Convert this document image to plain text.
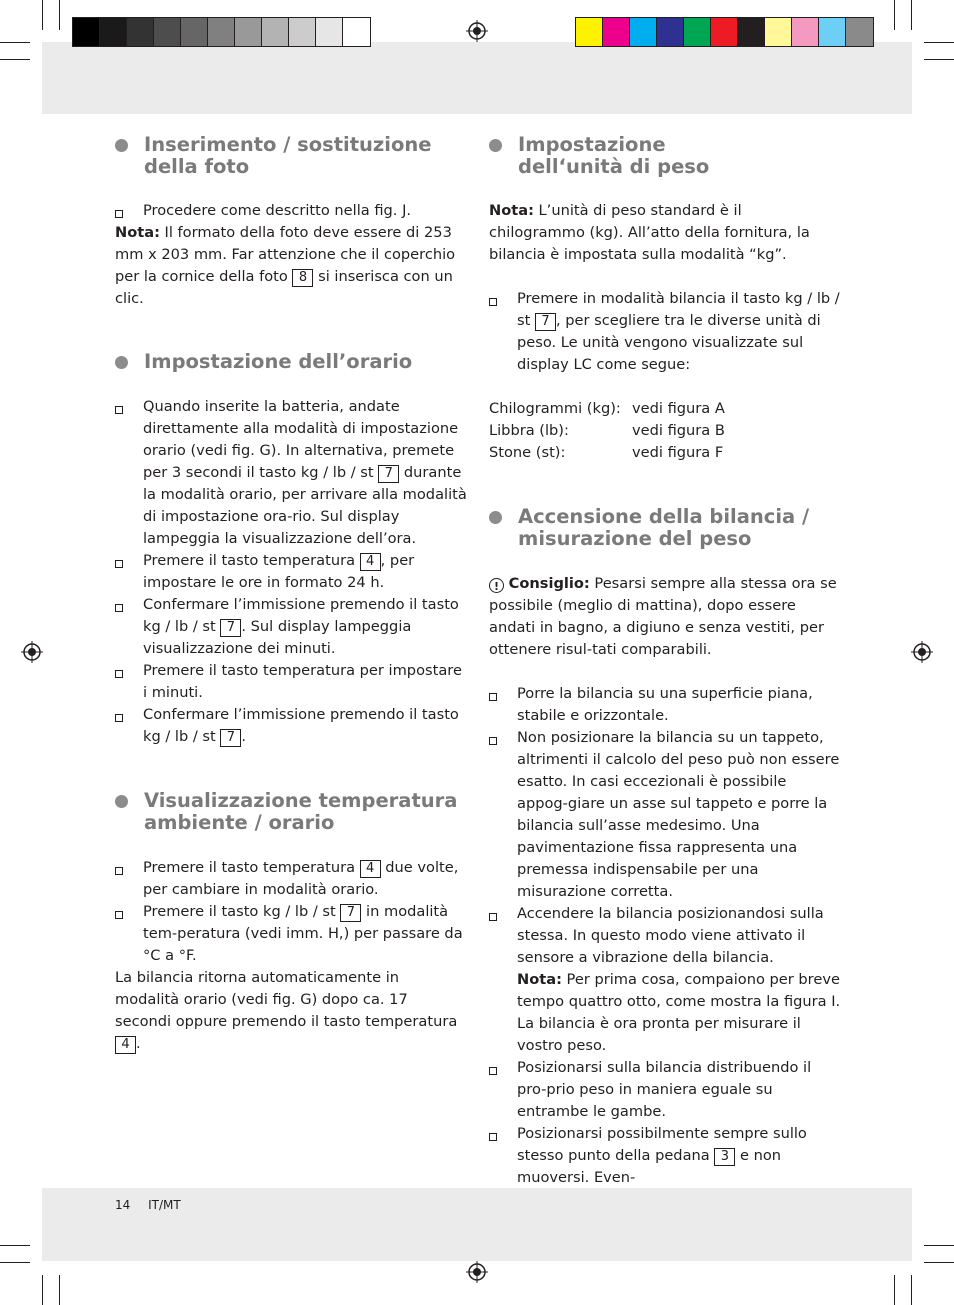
Inserimento / sostituzione
della foto
Procedere come descritto nella fig. J.

Nota: Il formato della foto deve essere di 253 mm x 203 mm. Far attenzione che il coperchio per la cornice della foto 8 si inserisca con un clic.

Impostazione dell’orario
Quando inserite la batteria, andate direttamente alla modalità di impostazione orario (vedi fig. G). In alternativa, premete per 3 secondi il tasto kg / lb / st 7 durante la modalità orario, per arrivare alla modalità di impostazione ora-rio. Sul display lampeggia la visualizzazione dell’ora.
Premere il tasto temperatura 4 , per impostare le ore in formato 24 h.
Confermare l’immissione premendo il tasto kg / lb / st 7 . Sul display lampeggia visualizzazione dei minuti.
Premere il tasto temperatura per impostare i minuti.
Confermare l’immissione premendo il tasto kg / lb / st 7 .
Visualizzazione temperatura
ambiente / orario
Premere il tasto temperatura 4 due volte, per cambiare in modalità orario.
Premere il tasto kg / lb / st 7 in modalità tem-peratura (vedi imm. H,) per passare da °C a °F.

La bilancia ritorna automaticamente in modalità orario (vedi fig. G) dopo ca. 17 secondi oppure premendo il tasto temperatura 4 .

Impostazione
dell‘unità di peso

Nota: L’unità di peso standard è il chilogrammo (kg). All’atto della fornitura, la bilancia è impostata sulla modalità “kg”.

Premere in modalità bilancia il tasto kg / lb / st 7 , per scegliere tra le diverse unità di peso. Le unità vengono visualizzate sul display LC come segue:
Chilogrammi (kg):	vedi figura A
Libbra (lb):	vedi figura B
Stone (st):	vedi figura F
Accensione della bilancia /
misurazione del peso

! Consiglio: Pesarsi sempre alla stessa ora se possibile (meglio di mattina), dopo essere andati in bagno, a digiuno e senza vestiti, per ottenere risul-tati comparabili.

Porre la bilancia su una superficie piana, stabile e orizzontale.
Non posizionare la bilancia su un tappeto, altrimenti il calcolo del peso può non essere esatto. In casi eccezionali è possibile appog-giare un asse sul tappeto e porre la bilancia sull’asse medesimo. Una pavimentazione fissa rappresenta una premessa indispensabile per una misurazione corretta.
Accendere la bilancia posizionandosi sulla stessa. In questo modo viene attivato il sensore a vibrazione della bilancia.
Nota: Per prima cosa, compaiono per breve tempo quattro otto, come mostra la figura I. La bilancia è ora pronta per misurare il vostro peso.
Posizionarsi sulla bilancia distribuendo il pro-prio peso in maniera eguale su entrambe le gambe.
Posizionarsi possibilmente sempre sullo stesso punto della pedana 3 e non muoversi. Even-
14 IT/MT
